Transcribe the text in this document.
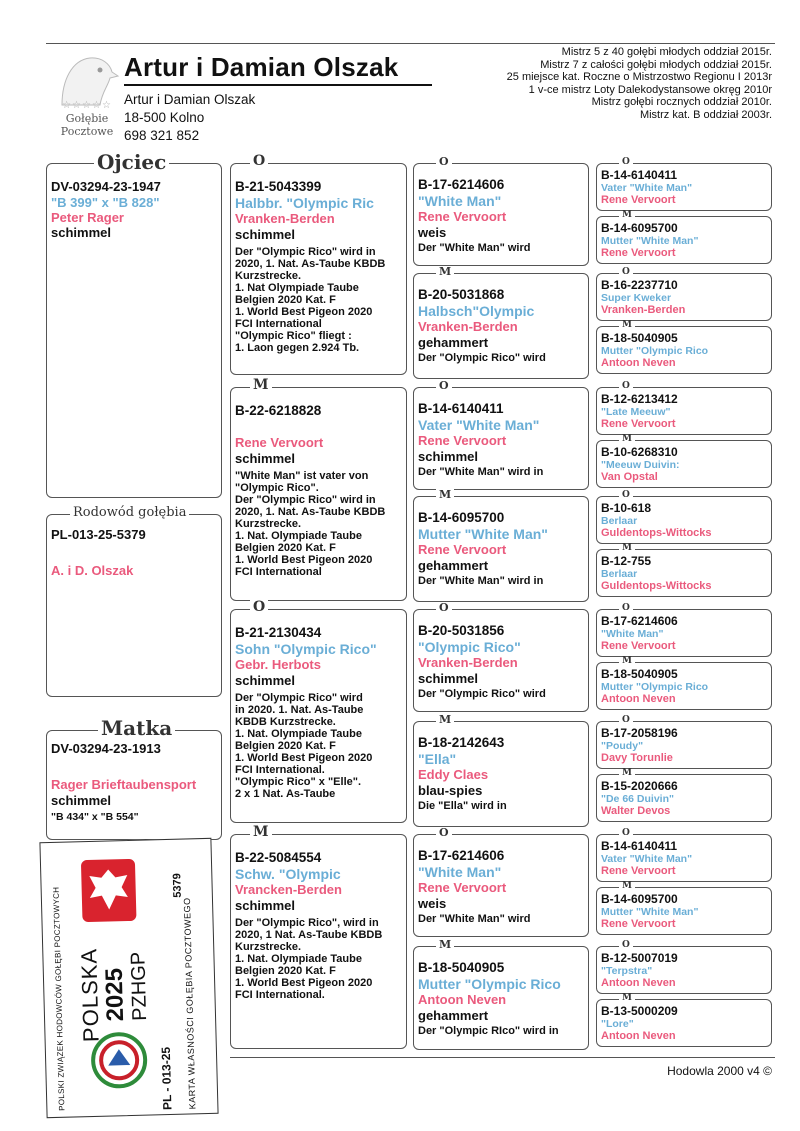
☆☆☆☆☆
Gołębie
Pocztowe
Artur i Damian Olszak
Artur i Damian Olszak
18-500 Kolno
698 321 852
Mistrz 5 z 40 gołębi młodych oddział 2015r.
Mistrz 7 z całości gołębi młodych oddział 2015r.
25 miejsce kat. Roczne o Mistrzostwo Regionu I 2013r
1 v-ce mistrz Loty Dalekodystansowe okręg 2010r
Mistrz gołębi rocznych oddział 2010r.
Mistrz kat. B oddział 2003r.
DV-03294-23-1947
"B 399" x "B 828"
Peter Rager
schimmel
Ojciec
PL-013-25-5379
A. i D. Olszak
Rodowód gołębia
DV-03294-23-1913
Rager Brieftaubensport
schimmel
"B 434" x "B 554"
Matka
B-21-5043399
Halbbr. "Olympic Ric
Vranken-Berden
schimmel
Der "Olympic Rico" wird in
2020, 1. Nat. As-Taube KBDB
Kurzstrecke.
1. Nat Olympiade Taube
Belgien 2020 Kat. F
1. World Best Pigeon 2020
FCI International
"Olympic Rico" fliegt :
1. Laon gegen 2.924 Tb.
B-22-6218828
Rene Vervoort
schimmel
"White Man" ist vater von
"Olympic Rico".
Der "Olympic Rico" wird in
2020, 1. Nat. As-Taube KBDB
Kurzstrecke.
1. Nat. Olympiade Taube
Belgien 2020 Kat. F
1. World Best Pigeon 2020
FCI International
B-21-2130434
Sohn "Olympic Rico"
Gebr. Herbots
schimmel
Der "Olympic Rico" wird
in 2020. 1. Nat. As-Taube
KBDB Kurzstrecke.
1. Nat. Olympiade Taube
Belgien 2020 Kat. F
1. World Best Pigeon 2020
FCI International.
"Olympic Rico" x "Elle".
2 x 1 Nat. As-Taube
B-22-5084554
Schw. "Olympic
Vrancken-Berden
schimmel
Der "Olympic Rico", wird in
2020, 1 Nat. As-Taube KBDB
Kurzstrecke.
1. Nat. Olympiade Taube
Belgien 2020 Kat. F
1. World Best Pigeon 2020
FCI International.
B-17-6214606
"White Man"
Rene Vervoort
weis
Der "White Man" wird
B-20-5031868
Halbsch"Olympic
Vranken-Berden
gehammert
Der "Olympic Rico" wird
B-14-6140411
Vater "White Man"
Rene Vervoort
schimmel
Der "White Man" wird in
B-14-6095700
Mutter "White Man"
Rene Vervoort
gehammert
Der "White Man" wird in
B-20-5031856
"Olympic Rico"
Vranken-Berden
schimmel
Der "Olympic Rico" wird
B-18-2142643
"Ella"
Eddy Claes
blau-spies
Die "Ella" wird in
B-17-6214606
"White Man"
Rene Vervoort
weis
Der "White Man" wird
B-18-5040905
Mutter "Olympic Rico
Antoon Neven
gehammert
Der "Olympic RIco" wird in
B-14-6140411
Vater "White Man"
Rene Vervoort
B-14-6095700
Mutter "White Man"
Rene Vervoort
B-16-2237710
Super Kweker
Vranken-Berden
B-18-5040905
Mutter "Olympic Rico
Antoon Neven
B-12-6213412
"Late Meeuw"
Rene Vervoort
B-10-6268310
"Meeuw Duivin:
Van Opstal
B-10-618
Berlaar
Guldentops-Wittocks
B-12-755
Berlaar
Guldentops-Wittocks
B-17-6214606
"White Man"
Rene Vervoort
B-18-5040905
Mutter "Olympic Rico
Antoon Neven
B-17-2058196
"Poudy"
Davy Torunlie
B-15-2020666
"De 66 Duivin"
Walter Devos
B-14-6140411
Vater "White Man"
Rene Vervoort
B-14-6095700
Mutter "White Man"
Rene Vervoort
B-12-5007019
"Terpstra"
Antoon Neven
B-13-5000209
"Lore"
Antoon Neven
POLSKI ZWIĄZEK HODOWCÓW GOŁĘBI POCZTOWYCH POLSKA
2025
PZHGP
5379
PL - 013-25 KARTA WŁASNOŚCI GOŁĘBIA POCZTOWEGO	Hodowla 2000 v4 ©
O
M
O
M
O
M
O
M
O
M
O
M
O
M
O
M
O
M
O
M
O
M
O
M
O
M
O
M
